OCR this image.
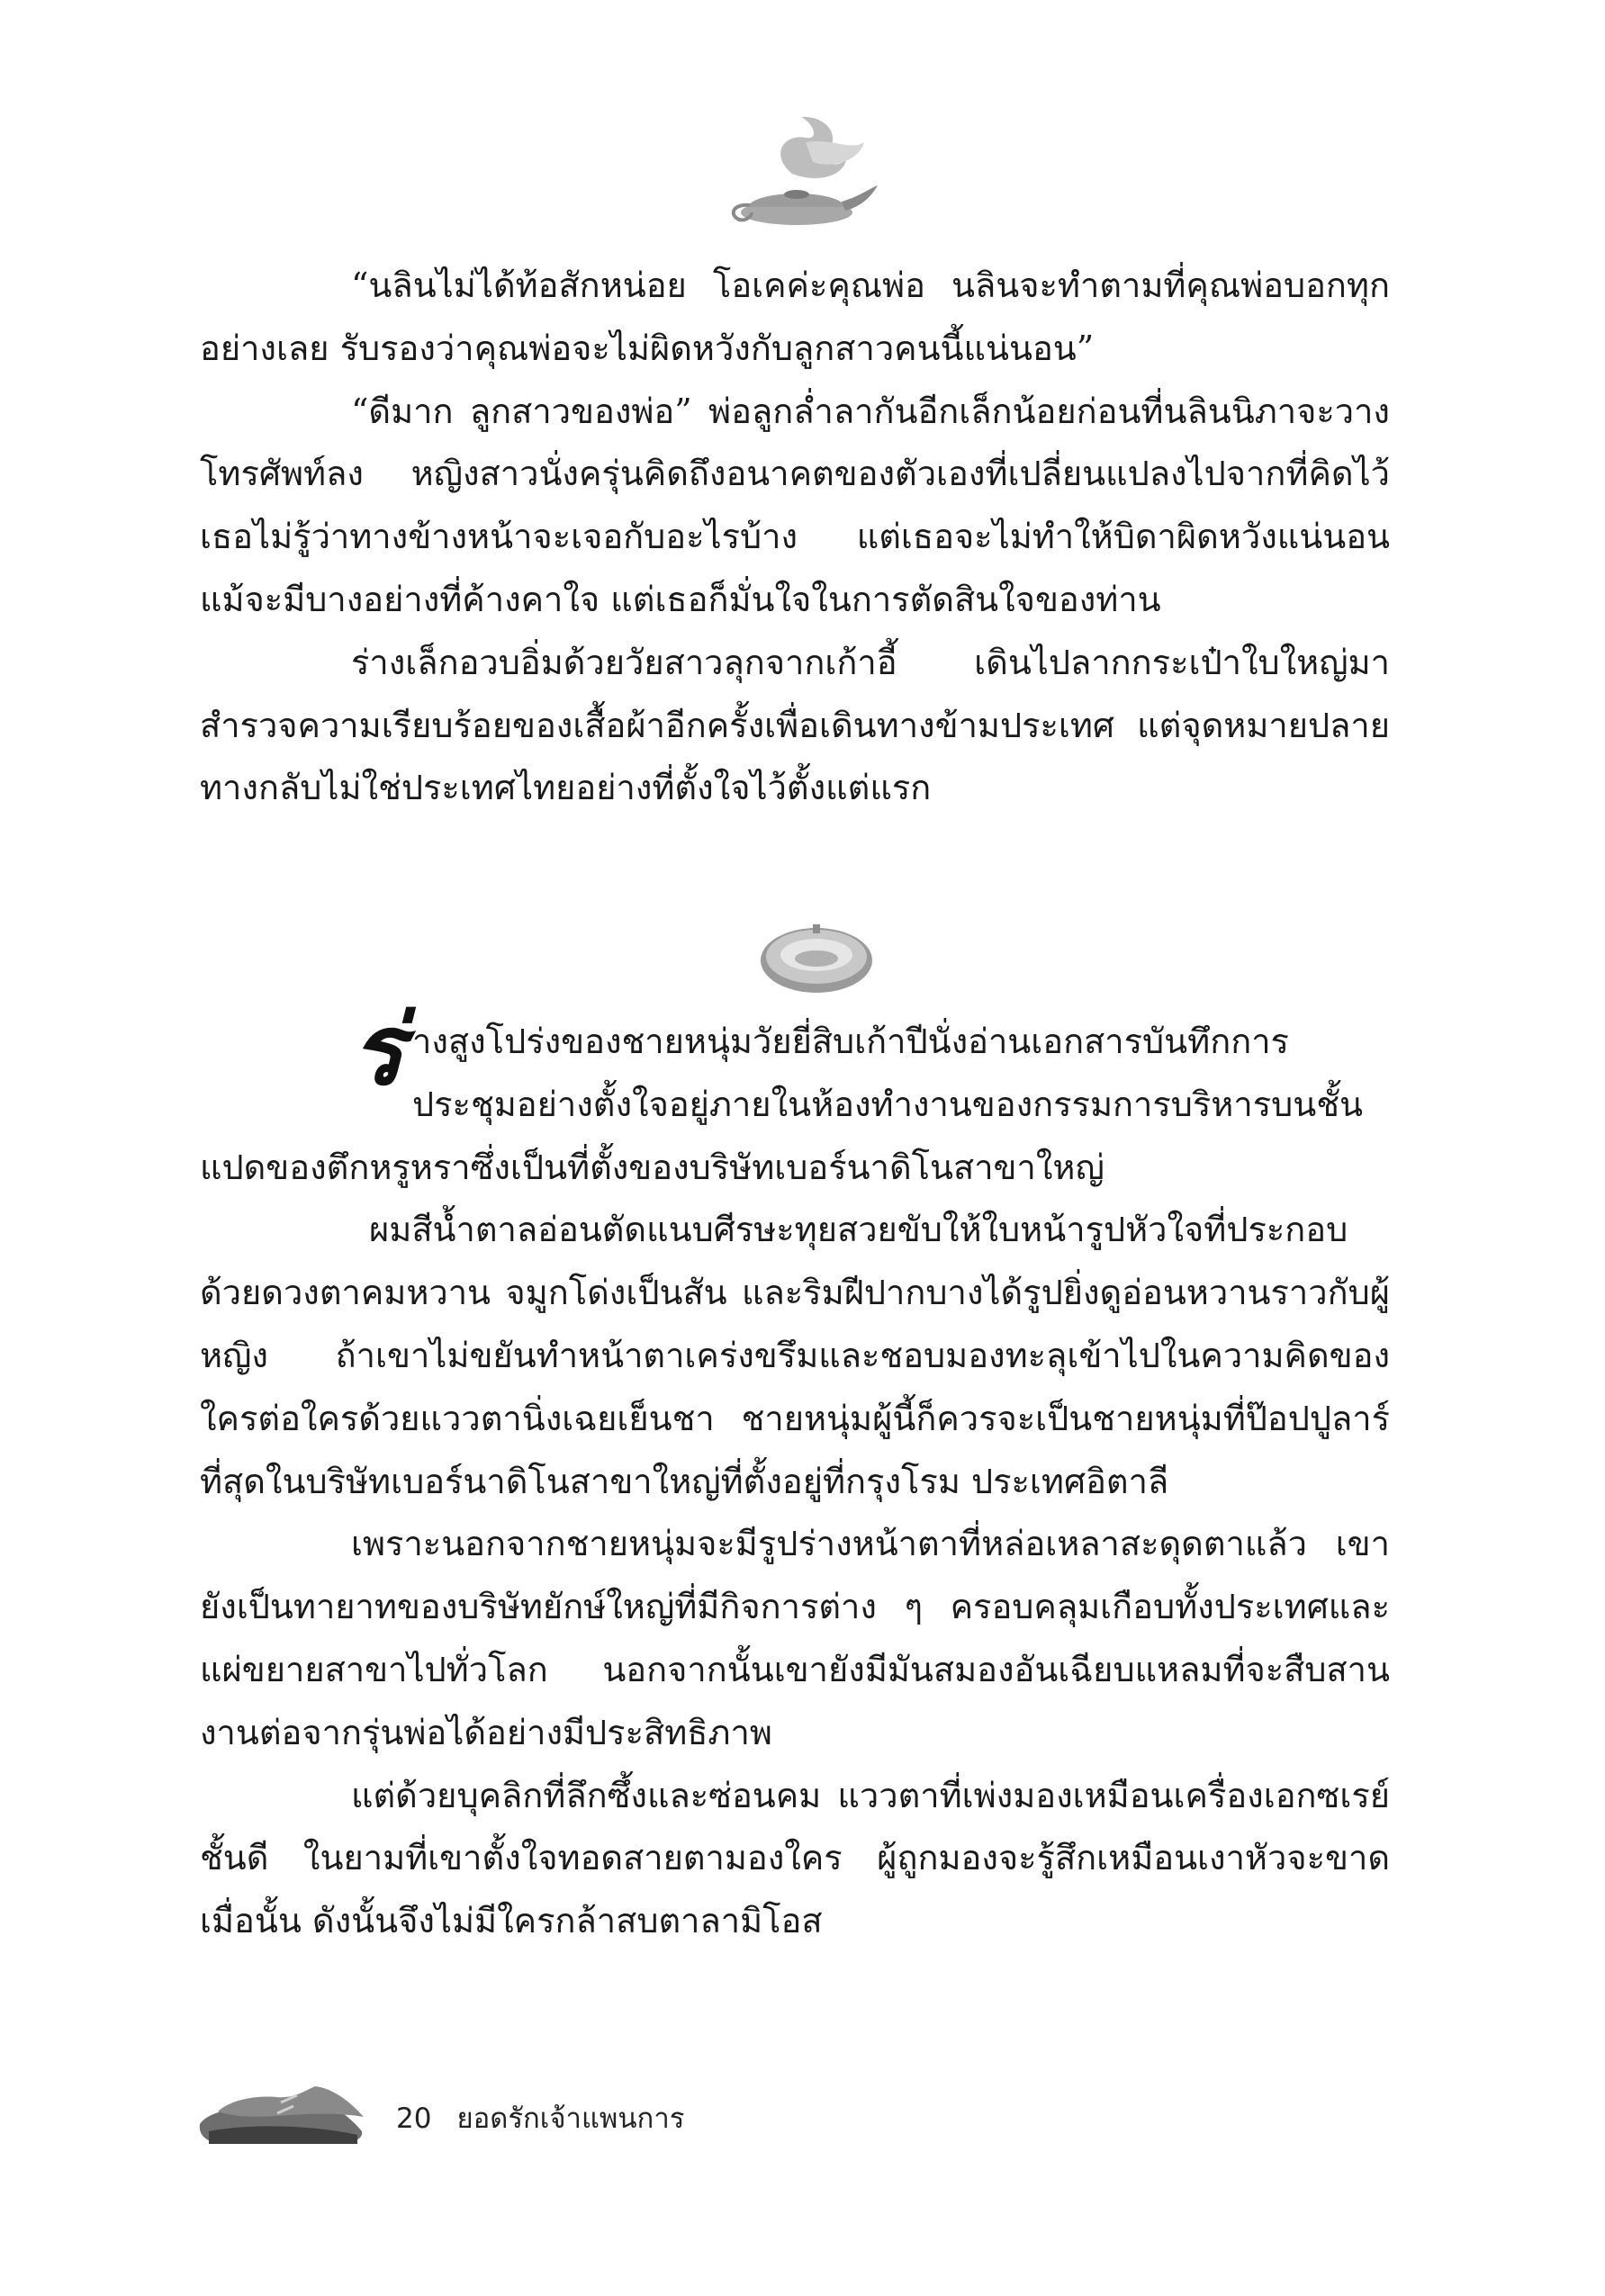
“นลินไม่ได้ท้อสักหน่อย โอเคค่ะคุณพ่อ นลินจะทำตามที่คุณพ่อบอกทุกอย่างเลย รับรองว่าคุณพ่อจะไม่ผิดหวังกับลูกสาวคนนี้แน่นอน”

“ดีมาก ลูกสาวของพ่อ” พ่อลูกล่ำลากันอีกเล็กน้อยก่อนที่นลินนิภาจะวางโทรศัพท์ลง หญิงสาวนั่งครุ่นคิดถึงอนาคตของตัวเองที่เปลี่ยนแปลงไปจากที่คิดไว้ เธอไม่รู้ว่าทางข้างหน้าจะเจอกับอะไรบ้าง แต่เธอจะไม่ทำให้บิดาผิดหวังแน่นอน แม้จะมีบางอย่างที่ค้างคาใจ แต่เธอก็มั่นใจในการตัดสินใจของท่าน

ร่างเล็กอวบอิ่มด้วยวัยสาวลุกจากเก้าอี้ เดินไปลากกระเป๋าใบใหญ่มาสำรวจความเรียบร้อยของเสื้อผ้าอีกครั้งเพื่อเดินทางข้ามประเทศ แต่จุดหมายปลายทางกลับไม่ใช่ประเทศไทยอย่างที่ตั้งใจไว้ตั้งแต่แรก

ร่ างสูงโปร่งของชายหนุ่มวัยยี่สิบเก้าปีนั่งอ่านเอกสารบันทึกการประชุมอย่างตั้งใจอยู่ภายในห้องทำงานของกรรมการบริหารบนชั้นแปดของตึกหรูหราซึ่งเป็นที่ตั้งของบริษัทเบอร์นาดิโนสาขาใหญ่

ผมสีน้ำตาลอ่อนตัดแนบศีรษะทุยสวยขับให้ใบหน้ารูปหัวใจที่ประกอบด้วยดวงตาคมหวาน จมูกโด่งเป็นสัน และริมฝีปากบางได้รูปยิ่งดูอ่อนหวานราวกับผู้หญิง ถ้าเขาไม่ขยันทำหน้าตาเคร่งขรึมและชอบมองทะลุเข้าไปในความคิดของใครต่อใครด้วยแววตานิ่งเฉยเย็นชา ชายหนุ่มผู้นี้ก็ควรจะเป็นชายหนุ่มที่ป๊อปปูลาร์ที่สุดในบริษัทเบอร์นาดิโนสาขาใหญ่ที่ตั้งอยู่ที่กรุงโรม ประเทศอิตาลี

เพราะนอกจากชายหนุ่มจะมีรูปร่างหน้าตาที่หล่อเหลาสะดุดตาแล้ว เขายังเป็นทายาทของบริษัทยักษ์ใหญ่ที่มีกิจการต่าง ๆ ครอบคลุมเกือบทั้งประเทศและแผ่ขยายสาขาไปทั่วโลก นอกจากนั้นเขายังมีมันสมองอันเฉียบแหลมที่จะสืบสานงานต่อจากรุ่นพ่อได้อย่างมีประสิทธิภาพ

แต่ด้วยบุคลิกที่ลึกซึ้งและซ่อนคม แววตาที่เพ่งมองเหมือนเครื่องเอกซเรย์ชั้นดี ในยามที่เขาตั้งใจทอดสายตามองใคร ผู้ถูกมองจะรู้สึกเหมือนเงาหัวจะขาดเมื่อนั้น ดังนั้นจึงไม่มีใครกล้าสบตาลามิโอส

20 ยอดรักเจ้าแพนการ
